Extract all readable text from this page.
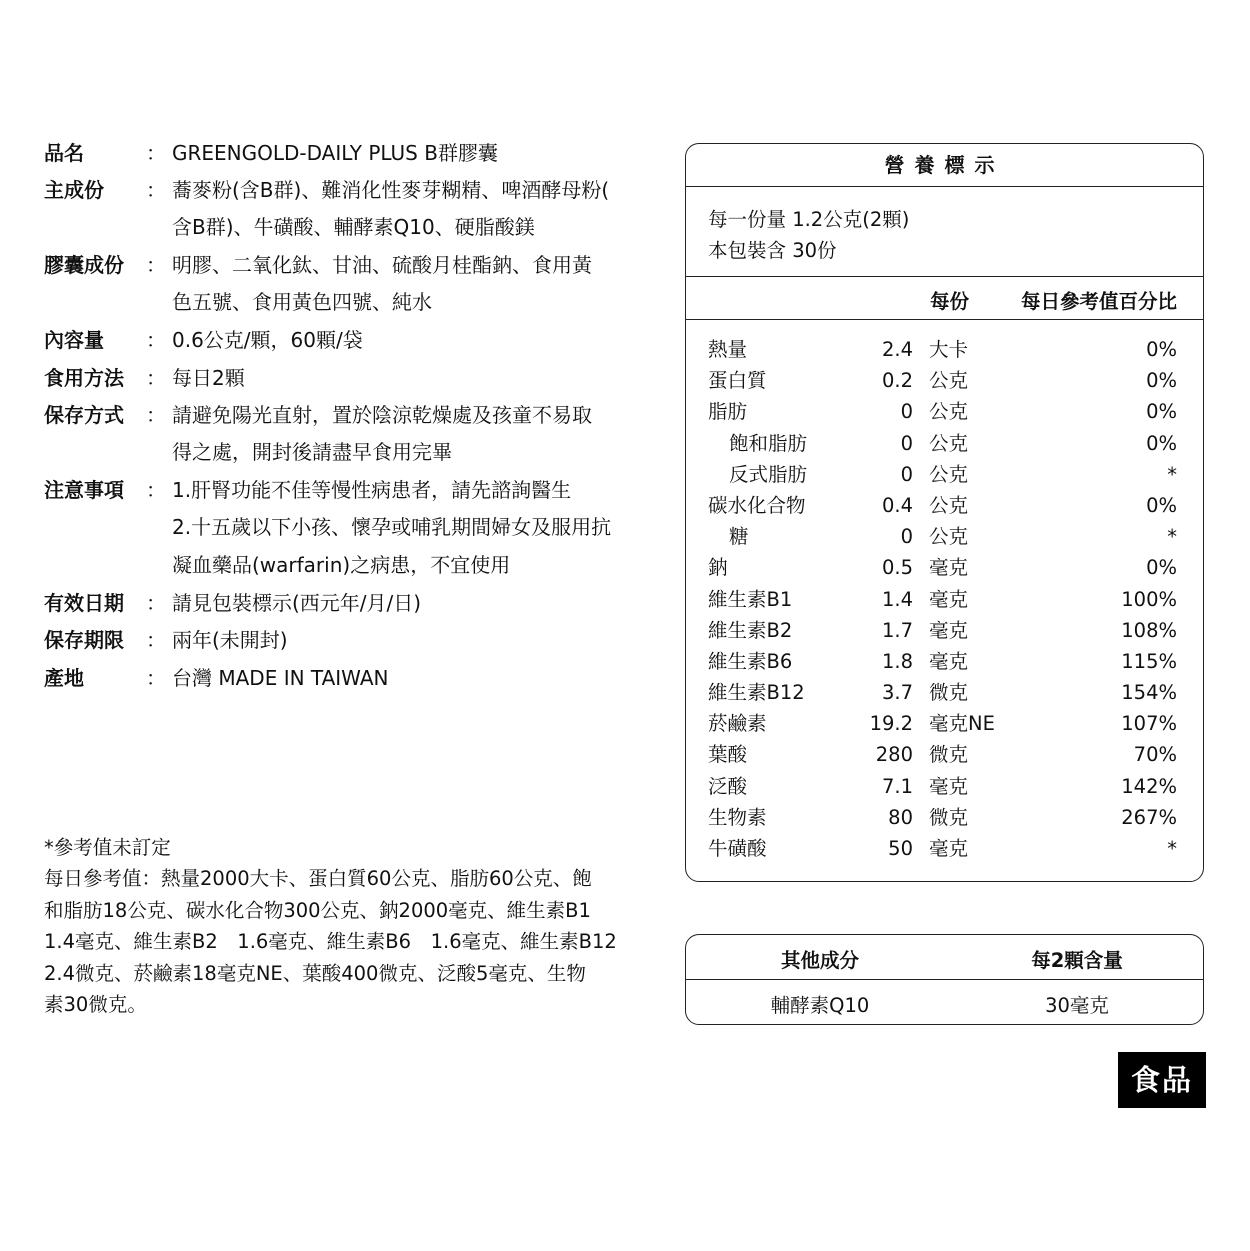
品名	： GREENGOLD-DAILY PLUS B群膠囊
主成份	： 蕎麥粉(含B群)、難消化性麥芽糊精、啤酒酵母粉(
含B群)、牛磺酸、輔酵素Q10、硬脂酸鎂
膠囊成份	： 明膠、二氧化鈦、甘油、硫酸月桂酯鈉、食用黃
色五號、食用黃色四號、純水
內容量	： 0.6公克/顆，60顆/袋
食用方法	： 每日2顆
保存方式	： 請避免陽光直射，置於陰涼乾燥處及孩童不易取
得之處，開封後請盡早食用完畢
注意事項	： 1.肝腎功能不佳等慢性病患者，請先諮詢醫生
2.十五歲以下小孩、懷孕或哺乳期間婦女及服用抗
凝血藥品(warfarin)之病患，不宜使用
有效日期	： 請見包裝標示(西元年/月/日)
保存期限	： 兩年(未開封)
產地	： 台灣 MADE IN TAIWAN
*參考值未訂定
每日參考值：熱量2000大卡、蛋白質60公克、脂肪60公克、飽
和脂肪18公克、碳水化合物300公克、鈉2000毫克、維生素B1
1.4毫克、維生素B2　1.6毫克、維生素B6　1.6毫克、維生素B12
2.4微克、菸鹼素18毫克NE、葉酸400微克、泛酸5毫克、生物
素30微克。
營養標示
每一份量 1.2公克(2顆)
本包裝含 30份
每份	每日參考值百分比
熱量	2.4 大卡	0%
蛋白質	0.2 公克	0%
脂肪	0 公克	0%
飽和脂肪	0 公克	0%
反式脂肪	0 公克	*
碳水化合物	0.4 公克	0%
糖	0 公克	*
鈉	0.5 毫克	0%
維生素B1	1.4 毫克	100%
維生素B2	1.7 毫克	108%
維生素B6	1.8 毫克	115%
維生素B12	3.7 微克	154%
菸鹼素	19.2 毫克NE	107%
葉酸	280 微克	70%
泛酸	7.1 毫克	142%
生物素	80 微克	267%
牛磺酸	50 毫克	*
其他成分	每2顆含量
輔酵素Q10	30毫克
食品
